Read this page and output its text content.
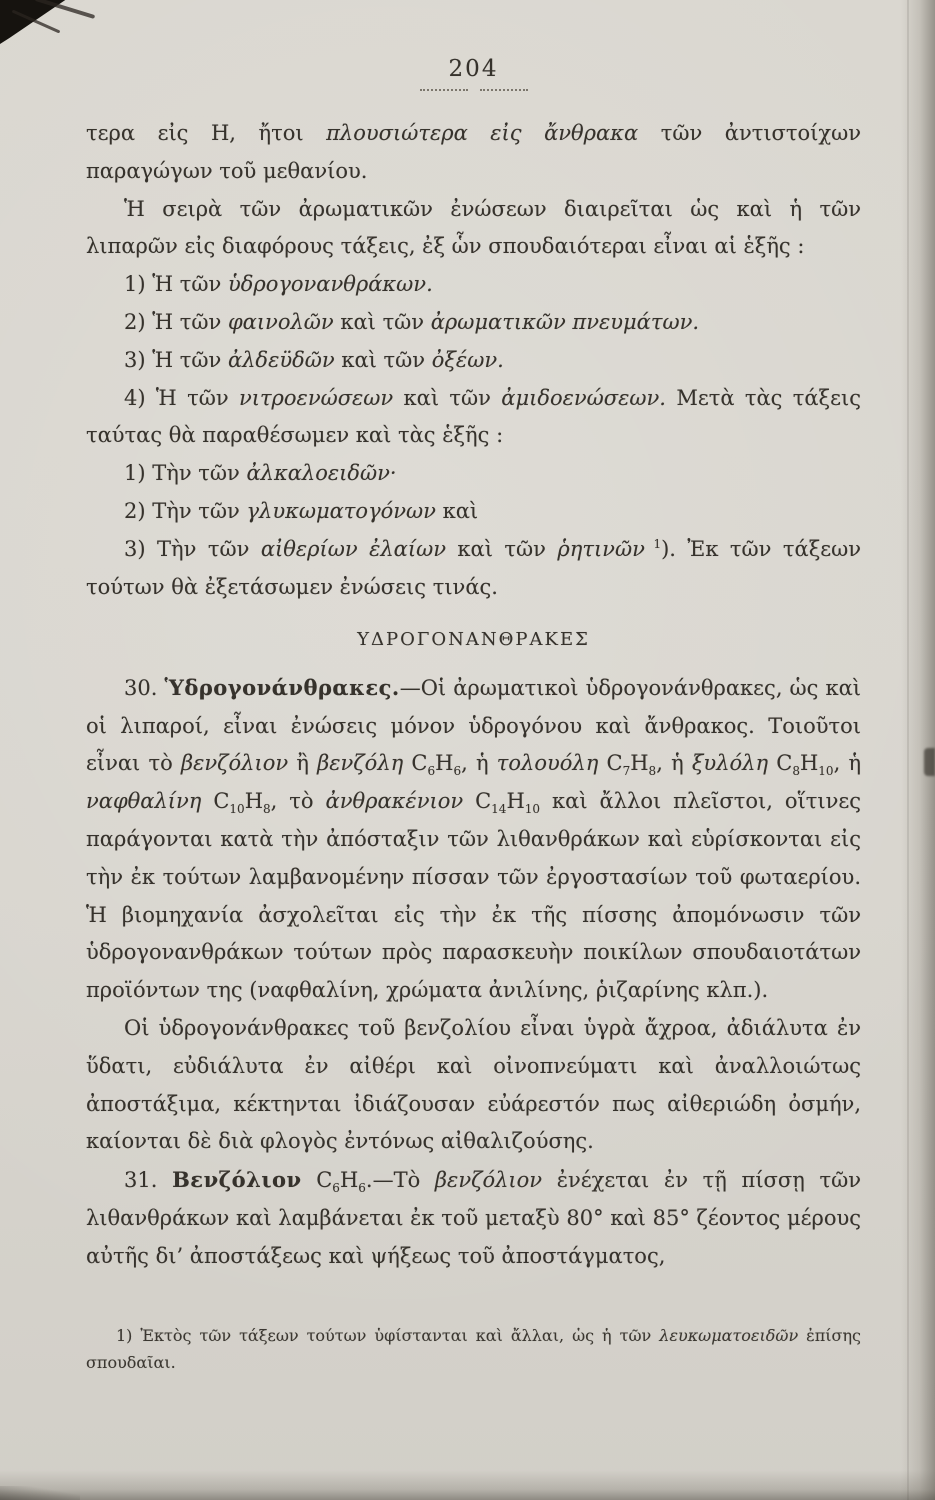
204
τερα εἰς Η, ἤτοι πλουσιώτερα εἰς ἄνθρακα τῶν ἀντιστοίχων παραγώγων τοῦ μεθανίου.
Ἡ σειρὰ τῶν ἀρωματικῶν ἐνώσεων διαιρεῖται ὡς καὶ ἡ τῶν λιπαρῶν εἰς διαφόρους τάξεις, ἐξ ὧν σπουδαιότεραι εἶναι αἱ ἑξῆς :
1) Ἡ τῶν ὑδρογονανθράκων.
2) Ἡ τῶν φαινολῶν καὶ τῶν ἀρωματικῶν πνευμάτων.
3) Ἡ τῶν ἀλδεϋδῶν καὶ τῶν ὀξέων.
4) Ἡ τῶν νιτροενώσεων καὶ τῶν ἀμιδοενώσεων. Μετὰ τὰς τάξεις ταύτας θὰ παραθέσωμεν καὶ τὰς ἑξῆς :
1) Τὴν τῶν ἀλκαλοειδῶν·
2) Τὴν τῶν γλυκωματογόνων καὶ
3) Τὴν τῶν αἰθερίων ἐλαίων καὶ τῶν ῥητινῶν $^1$). Ἐκ τῶν τάξεων τούτων θὰ ἐξετάσωμεν ἐνώσεις τινάς.
ΥΔΡΟΓΟΝΑΝΘΡΑΚΕΣ
30. Ὑδρογονάνθρακες.—Οἱ ἀρωματικοὶ ὑδρογονάνθρακες, ὡς καὶ οἱ λιπαροί, εἶναι ἐνώσεις μόνον ὑδρογόνου καὶ ἄνθρακος. Τοιοῦτοι εἶναι τὸ βενζόλιον ἢ βενζόλη $C_6H_6$, ἡ τολουόλη $C_7H_8$, ἡ ξυλόλη $C_8H_{10}$, ἡ ναφθαλίνη $C_{10}H_8$, τὸ ἀνθρακένιον $C_{14}H_{10}$ καὶ ἄλλοι πλεῖστοι, οἵτινες παράγονται κατὰ τὴν ἀπόσταξιν τῶν λιθανθράκων καὶ εὑρίσκονται εἰς τὴν ἐκ τούτων λαμβανομένην πίσσαν τῶν ἐργοστασίων τοῦ φωταερίου. Ἡ βιομηχανία ἀσχολεῖται εἰς τὴν ἐκ τῆς πίσσης ἀπομόνωσιν τῶν ὑδρογονανθράκων τούτων πρὸς παρασκευὴν ποικίλων σπουδαιοτάτων προϊόντων της (ναφθαλίνη, χρώματα ἀνιλίνης, ῥιζαρίνης κλπ.).
Οἱ ὑδρογονάνθρακες τοῦ βενζολίου εἶναι ὑγρὰ ἄχροα, ἀδιάλυτα ἐν ὕδατι, εὐδιάλυτα ἐν αἰθέρι καὶ οἰνοπνεύματι καὶ ἀναλλοιώτως ἀποστάξιμα, κέκτηνται ἰδιάζουσαν εὐάρεστόν πως αἰθεριώδη ὀσμήν, καίονται δὲ διὰ φλογὸς ἐντόνως αἰθαλιζούσης.
31. Βενζόλιον $C_6H_6.—Tὸ$ βενζόλιον ἐνέχεται ἐν τῇ πίσσῃ τῶν λιθανθράκων καὶ λαμβάνεται ἐκ τοῦ μεταξὺ 80° καὶ 85° ζέοντος μέρους αὐτῆς δι’ ἀποστάξεως καὶ ψήξεως τοῦ ἀποστάγματος,
1) Ἐκτὸς τῶν τάξεων τούτων ὑφίστανται καὶ ἄλλαι, ὡς ἡ τῶν λευκωματοειδῶν ἐπίσης σπουδαῖαι.
